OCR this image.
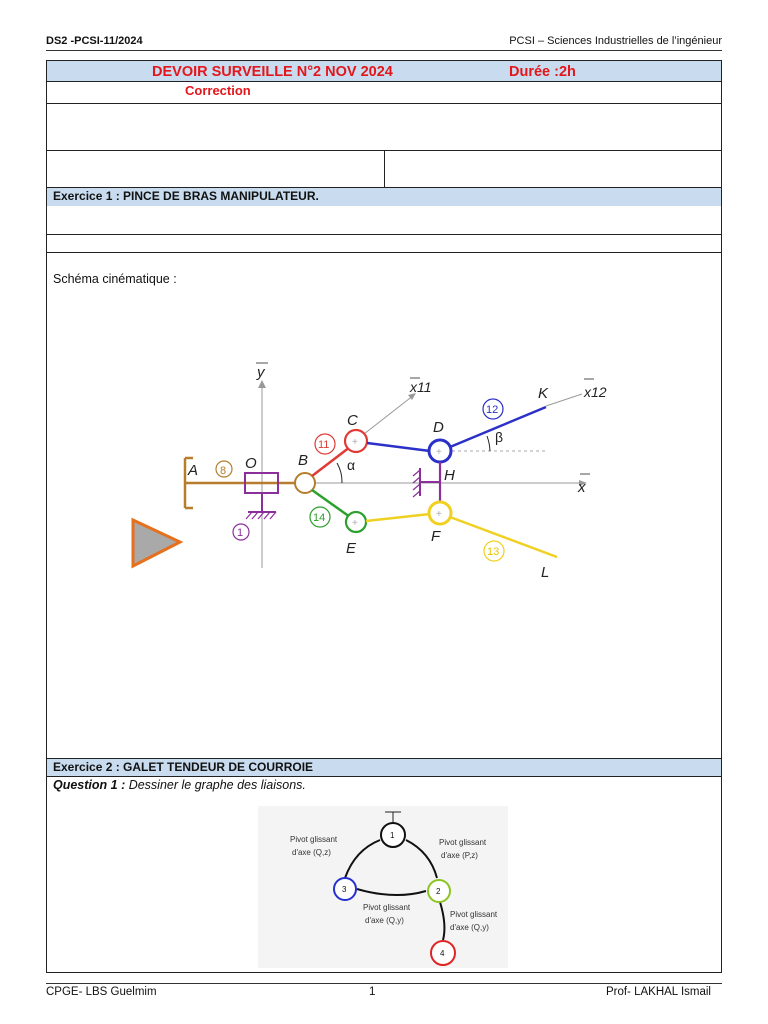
DS2 -PCSI-11/2024	PCSI – Sciences Industrielles de l’ingénieur
DEVOIR SURVEILLE N°2 NOV 2024	Durée :2h
Correction
Exercice 1 : PINCE DE BRAS MANIPULATEUR.
Schéma cinématique :
y
x
x11	x12
β
α
A 8 O
1
B
+
C
11
+
D
K
12
H
+
E
14	+
F
L
13
Exercice 2 : GALET TENDEUR DE COURROIE
Question 1 : Dessiner le graphe des liaisons.
1
3	2
4
Pivot glissant
d'axe (Q,z)
Pivot glissant
d'axe (P,z)
Pivot glissant
d'axe (Q,y)
Pivot glissant
d'axe (Q,y)
CPGE- LBS Guelmim	1	Prof- LAKHAL Ismail
